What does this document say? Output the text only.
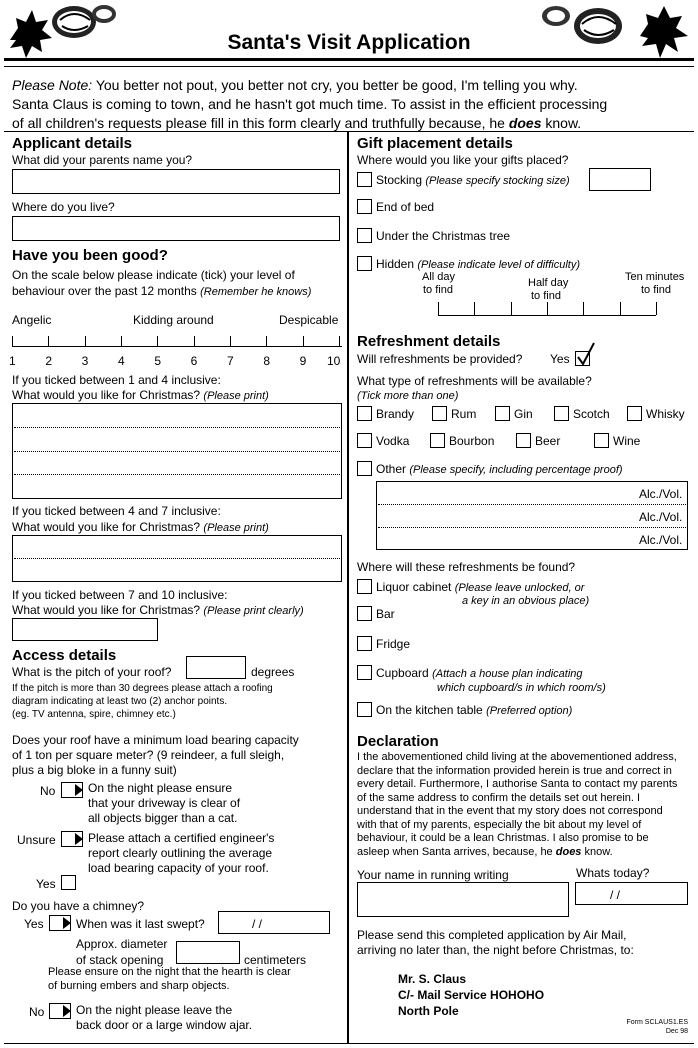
Santa's Visit Application
Please Note: You better not pout, you better not cry, you better be good, I'm telling you why.
Santa Claus is coming to town, and he hasn't got much time. To assist in the efficient processing
of all children's requests please fill in this form clearly and truthfully because, he does know.
Applicant details
What did your parents name you?
Where do you live?
Have you been good?
On the scale below please indicate (tick) your level of
behaviour over the past 12 months (Remember he knows)
Angelic	Kidding around	Despicable
1 2 3 4 5 6 7 8 9 10
If you ticked between 1 and 4 inclusive:
What would you like for Christmas? (Please print)
If you ticked between 4 and 7 inclusive:
What would you like for Christmas? (Please print)
If you ticked between 7 and 10 inclusive:
What would you like for Christmas? (Please print clearly)
Access details
What is the pitch of your roof?	degrees
If the pitch is more than 30 degrees please attach a roofing
diagram indicating at least two (2) anchor points.
(eg. TV antenna, spire, chimney etc.)
Does your roof have a minimum load bearing capacity
of 1 ton per square meter? (9 reindeer, a full sleigh,
plus a big bloke in a funny suit)
No	On the night please ensure
that your driveway is clear of
all objects bigger than a cat.
Unsure	Please attach a certified engineer's
report clearly outlining the average
load bearing capacity of your roof.
Yes
Do you have a chimney?
Yes	When was it last swept?	/ /
Approx. diameter
of stack opening	centimeters
Please ensure on the night that the hearth is clear
of burning embers and sharp objects.
No	On the night please leave the
back door or a large window ajar.
Gift placement details
Where would you like your gifts placed?
Stocking (Please specify stocking size)
End of bed
Under the Christmas tree
Hidden (Please indicate level of difficulty)
All day
to find
Half day
to find
Ten minutes
to find
Refreshment details
Will refreshments be provided? Yes
What type of refreshments will be available?
(Tick more than one)
Brandy	Rum	Gin	Scotch	Whisky
Vodka	Bourbon	Beer	Wine
Other (Please specify, including percentage proof)
Alc./Vol.
Alc./Vol.
Alc./Vol.
Where will these refreshments be found?
Liquor cabinet (Please leave unlocked, or
a key in an obvious place)
Bar
Fridge
Cupboard (Attach a house plan indicating
which cupboard/s in which room/s)
On the kitchen table (Preferred option)
Declaration
I the abovementioned child living at the abovementioned address,
declare that the information provided herein is true and correct in
every detail. Furthermore, I authorise Santa to contact my parents
of the same address to confirm the details set out herein. I
understand that in the event that my story does not correspond
with that of my parents, especially the bit about my level of
behaviour, it could be a lean Christmas. I also promise to be
asleep when Santa arrives, because, he does know.
Your name in running writing	Whats today?
/ /
Please send this completed application by Air Mail,
arriving no later than, the night before Christmas, to:
Mr. S. Claus
C/- Mail Service HOHOHO
North Pole
Form SCLAUS1.ES
Dec 98
